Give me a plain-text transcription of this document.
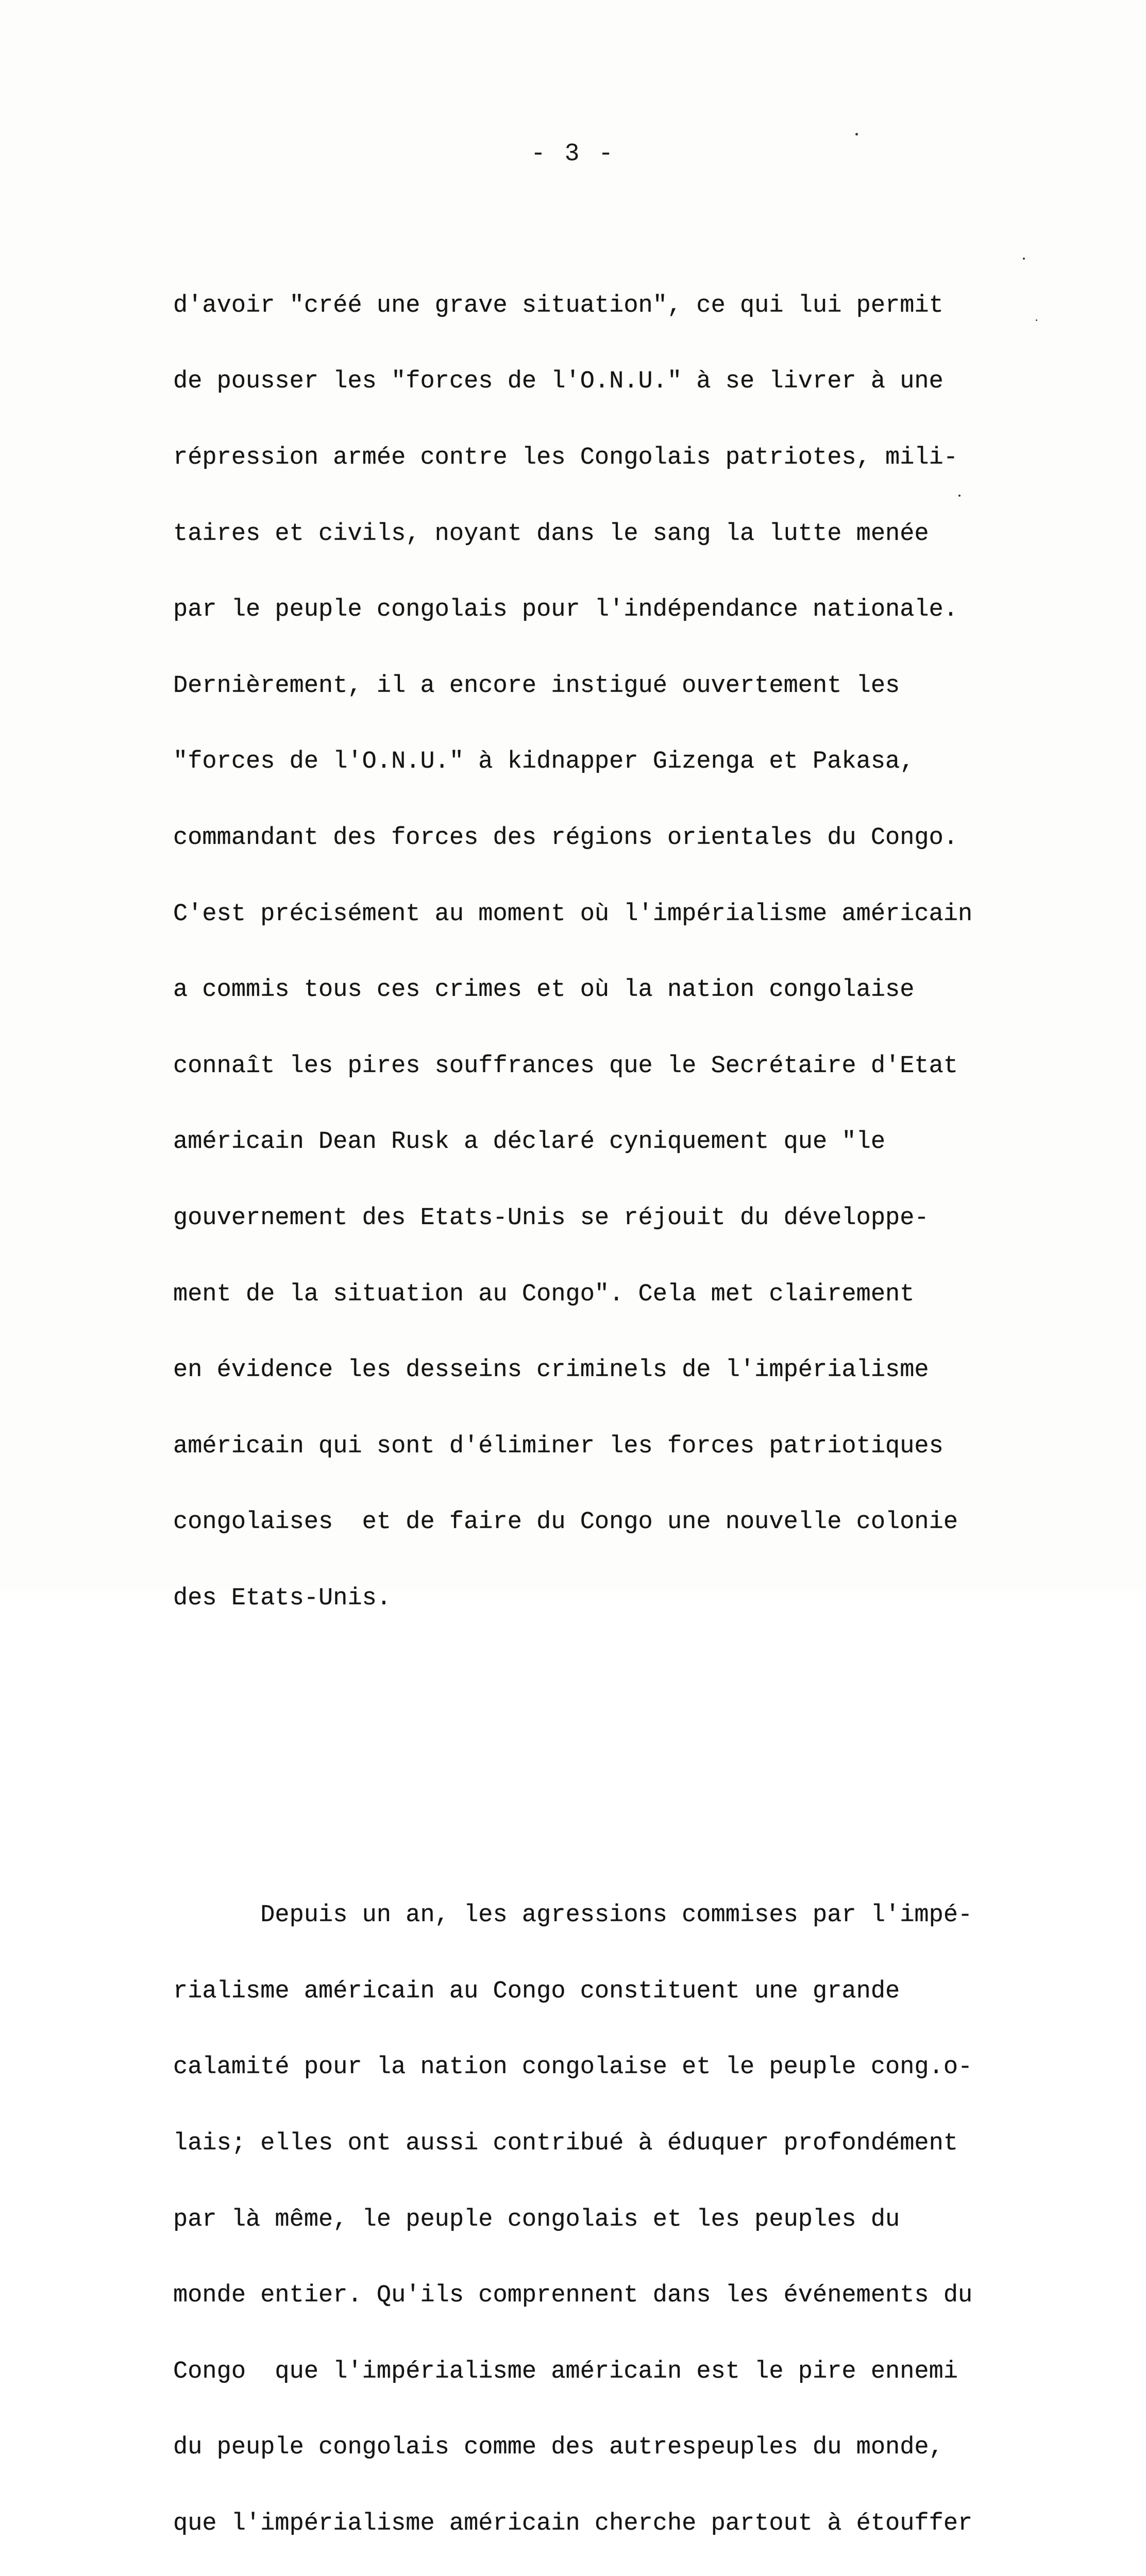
- 3 -

d'avoir "créé une grave situation", ce qui lui permit

de pousser les "forces de l'O.N.U." à se livrer à une

répression armée contre les Congolais patriotes, mili-

taires et civils, noyant dans le sang la lutte menée

par le peuple congolais pour l'indépendance nationale.

Dernièrement, il a encore instigué ouvertement les

"forces de l'O.N.U." à kidnapper Gizenga et Pakasa,

commandant des forces des régions orientales du Congo.

C'est précisément au moment où l'impérialisme américain

a commis tous ces crimes et où la nation congolaise

connaît les pires souffrances que le Secrétaire d'Etat

américain Dean Rusk a déclaré cyniquement que "le

gouvernement des Etats-Unis se réjouit du développe-

ment de la situation au Congo". Cela met clairement

en évidence les desseins criminels de l'impérialisme

américain qui sont d'éliminer les forces patriotiques

congolaises  et de faire du Congo une nouvelle colonie

des Etats-Unis.

Depuis un an, les agressions commises par l'impé-

rialisme américain au Congo constituent une grande

calamité pour la nation congolaise et le peuple cong.o-

lais; elles ont aussi contribué à éduquer profondément

par là même, le peuple congolais et les peuples du

monde entier. Qu'ils comprennent dans les événements du

Congo  que l'impérialisme américain est le pire ennemi

du peuple congolais comme des autrespeuples du monde,

que l'impérialisme américain cherche partout à étouffer
